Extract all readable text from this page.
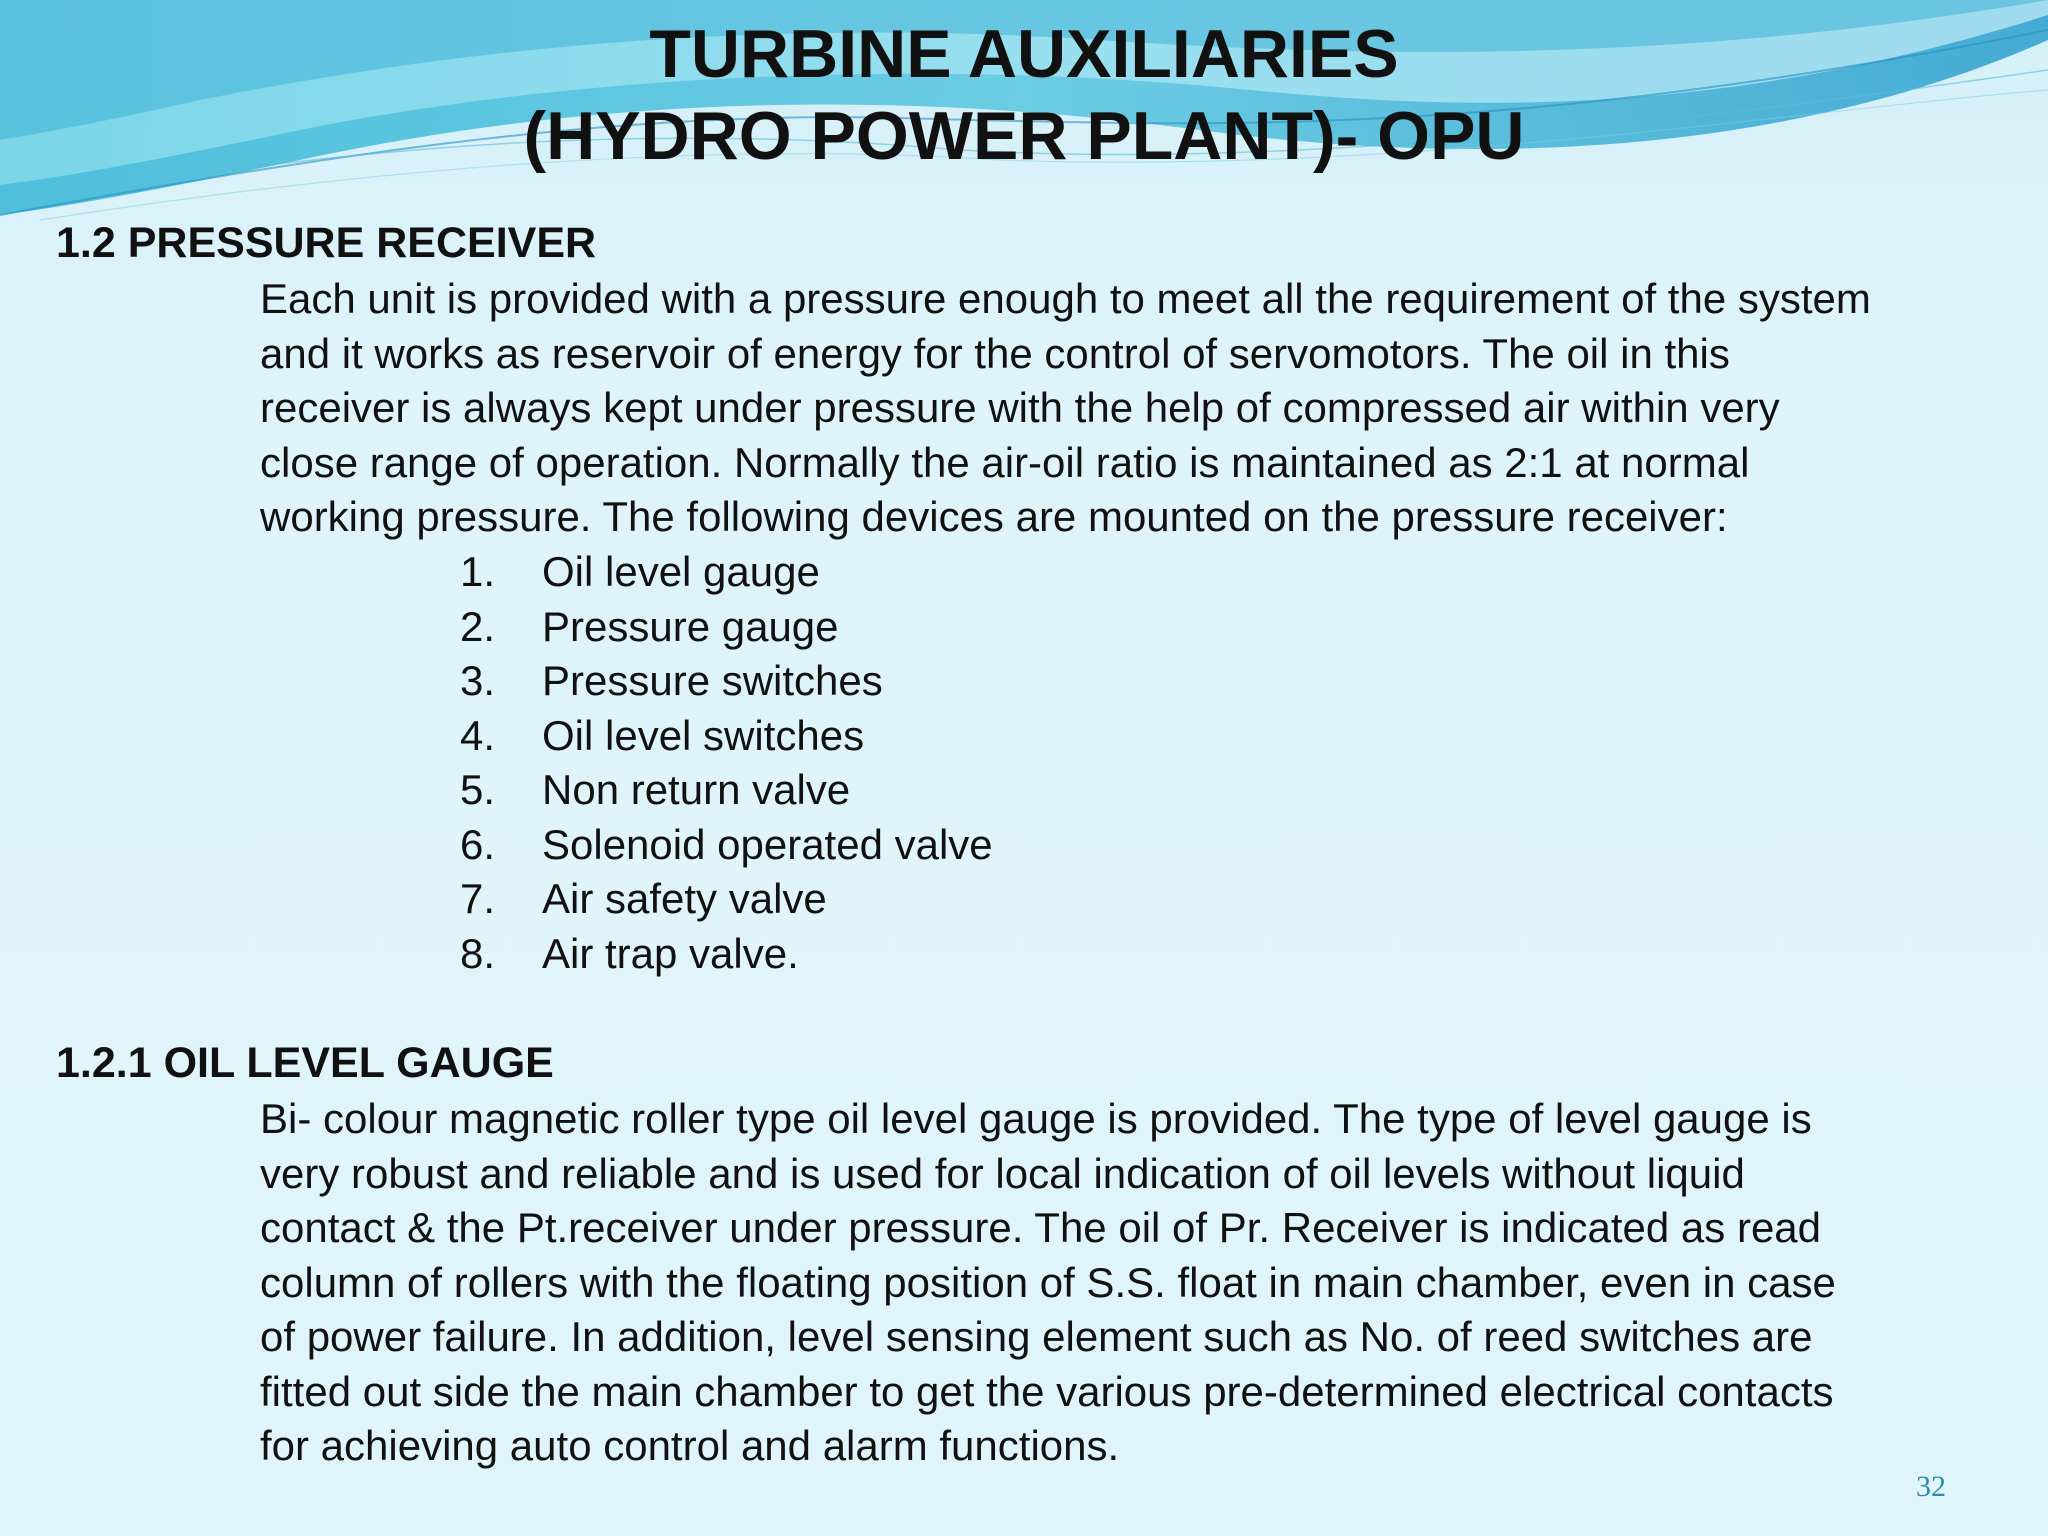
TURBINE AUXILIARIES
(HYDRO POWER PLANT)- OPU
1.2 PRESSURE RECEIVER

Each unit is provided with a pressure enough to meet all the requirement of the system
and it works as reservoir of energy for the control of servomotors. The oil in this
receiver is always kept under pressure with the help of compressed air within very
close range of operation. Normally the air-oil ratio is maintained as 2:1 at normal
working pressure. The following devices are mounted on the pressure receiver:

1.	Oil level gauge
2.	Pressure gauge
3.	Pressure switches
4.	Oil level switches
5.	Non return valve
6.	Solenoid operated valve
7.	Air safety valve
8.	Air trap valve.
1.2.1 OIL LEVEL GAUGE

Bi- colour magnetic roller type oil level gauge is provided. The type of level gauge is
very robust and reliable and is used for local indication of oil levels without liquid
contact & the Pt.receiver under pressure. The oil of Pr. Receiver is indicated as read
column of rollers with the floating position of S.S. float in main chamber, even in case
of power failure. In addition, level sensing element such as No. of reed switches are
fitted out side the main chamber to get the various pre-determined electrical contacts
for achieving auto control and alarm functions.

32
